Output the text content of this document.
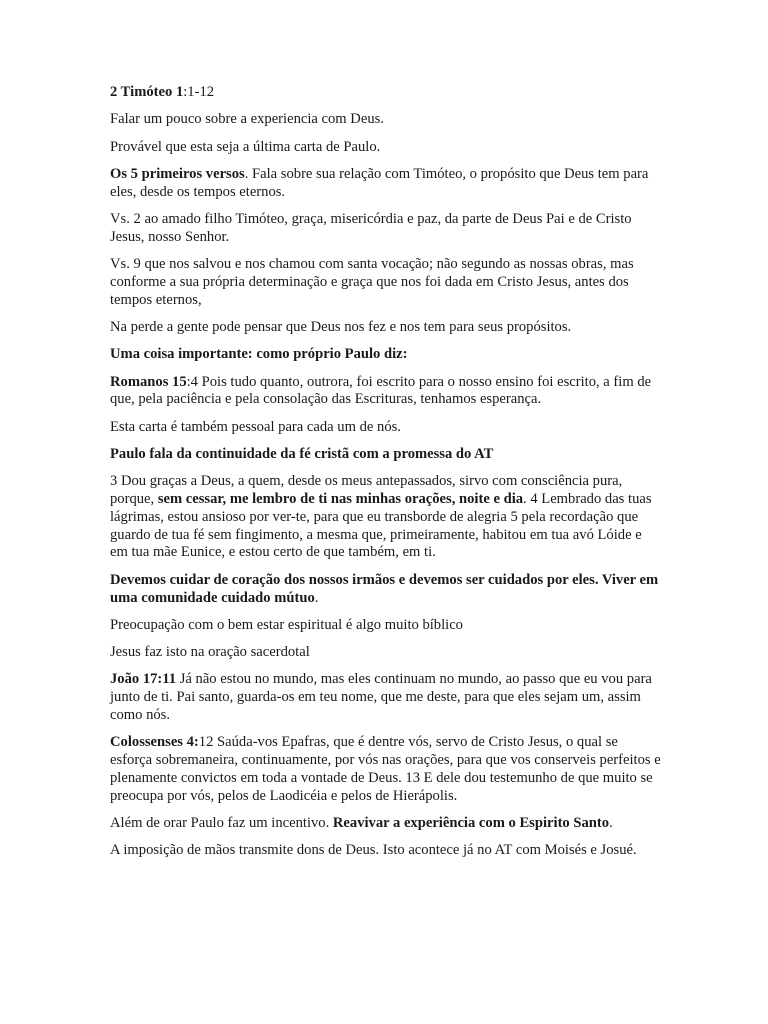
2 Timóteo 1:1-12

Falar um pouco sobre a experiencia com Deus.

Provável que esta seja a última carta de Paulo.

Os 5 primeiros versos. Fala sobre sua relação com Timóteo, o propósito que Deus tem para eles, desde os tempos eternos.

Vs. 2 ao amado filho Timóteo, graça, misericórdia e paz, da parte de Deus Pai e de Cristo Jesus, nosso Senhor.

Vs. 9 que nos salvou e nos chamou com santa vocação; não segundo as nossas obras, mas conforme a sua própria determinação e graça que nos foi dada em Cristo Jesus, antes dos tempos eternos,

Na perde a gente pode pensar que Deus nos fez e nos tem para seus propósitos.

Uma coisa importante: como próprio Paulo diz:

Romanos 15:4 Pois tudo quanto, outrora, foi escrito para o nosso ensino foi escrito, a fim de que, pela paciência e pela consolação das Escrituras, tenhamos esperança.

Esta carta é também pessoal para cada um de nós.

Paulo fala da continuidade da fé cristã com a promessa do AT

3 Dou graças a Deus, a quem, desde os meus antepassados, sirvo com consciência pura, porque, sem cessar, me lembro de ti nas minhas orações, noite e dia. 4 Lembrado das tuas lágrimas, estou ansioso por ver-te, para que eu transborde de alegria 5 pela recordação que guardo de tua fé sem fingimento, a mesma que, primeiramente, habitou em tua avó Lóide e em tua mãe Eunice, e estou certo de que também, em ti.

Devemos cuidar de coração dos nossos irmãos e devemos ser cuidados por eles. Viver em uma comunidade cuidado mútuo.

Preocupação com o bem estar espiritual é algo muito bíblico

Jesus faz isto na oração sacerdotal

João 17:11 Já não estou no mundo, mas eles continuam no mundo, ao passo que eu vou para junto de ti. Pai santo, guarda-os em teu nome, que me deste, para que eles sejam um, assim como nós.

Colossenses 4:12 Saúda-vos Epafras, que é dentre vós, servo de Cristo Jesus, o qual se esforça sobremaneira, continuamente, por vós nas orações, para que vos conserveis perfeitos e plenamente convictos em toda a vontade de Deus. 13 E dele dou testemunho de que muito se preocupa por vós, pelos de Laodicéia e pelos de Hierápolis.

Além de orar Paulo faz um incentivo. Reavivar a experiência com o Espirito Santo.

A imposição de mãos transmite dons de Deus. Isto acontece já no AT com Moisés e Josué.
